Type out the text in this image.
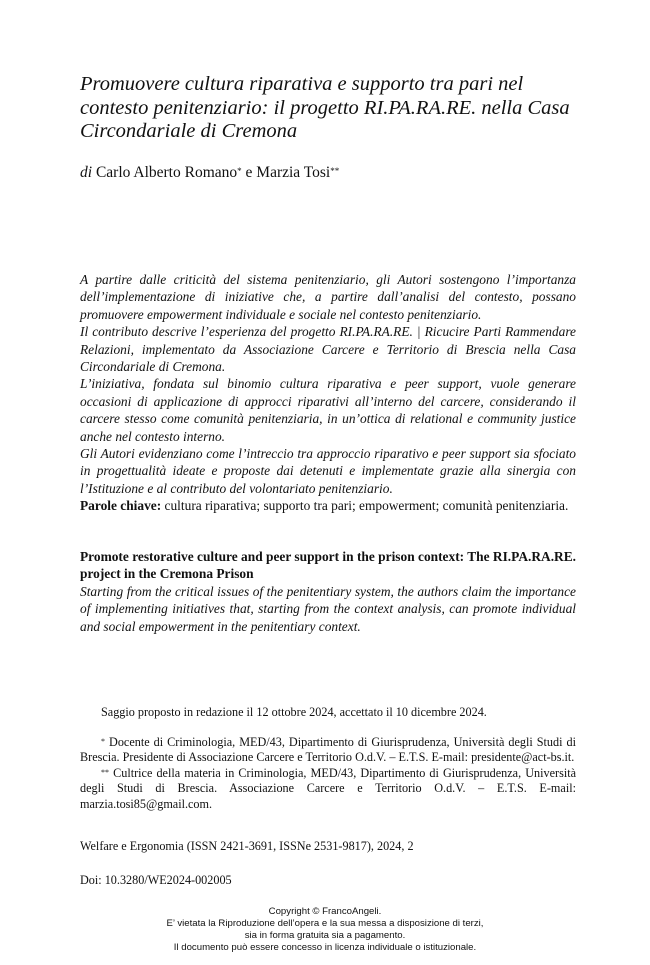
Promuovere cultura riparativa e supporto tra pari nel contesto penitenziario: il progetto RI.PA.RA.RE. nella Casa Circondariale di Cremona
di Carlo Alberto Romano* e Marzia Tosi**

A partire dalle criticità del sistema penitenziario, gli Autori sostengono l’importanza dell’implementazione di iniziative che, a partire dall’analisi del contesto, possano promuovere empowerment individuale e sociale nel contesto penitenziario.

Il contributo descrive l’esperienza del progetto RI.PA.RA.RE. | Ricucire Parti Rammendare Relazioni, implementato da Associazione Carcere e Territorio di Brescia nella Casa Circondariale di Cremona.

L’iniziativa, fondata sul binomio cultura riparativa e peer support, vuole generare occasioni di applicazione di approcci riparativi all’interno del carcere, considerando il carcere stesso come comunità penitenziaria, in un’ottica di relational e community justice anche nel contesto interno.

Gli Autori evidenziano come l’intreccio tra approccio riparativo e peer support sia sfociato in progettualità ideate e proposte dai detenuti e implementate grazie alla sinergia con l’Istituzione e al contributo del volontariato penitenziario.

Parole chiave: cultura riparativa; supporto tra pari; empowerment; comunità penitenziaria.

Promote restorative culture and peer support in the prison context: The RI.PA.RA.RE. project in the Cremona Prison

Starting from the critical issues of the penitentiary system, the authors claim the importance of implementing initiatives that, starting from the context analysis, can promote individual and social empowerment in the penitentiary context.

Saggio proposto in redazione il 12 ottobre 2024, accettato il 10 dicembre 2024.

* Docente di Criminologia, MED/43, Dipartimento di Giurisprudenza, Università degli Studi di Brescia. Presidente di Associazione Carcere e Territorio O.d.V. – E.T.S. E-mail: presidente@act-bs.it.

** Cultrice della materia in Criminologia, MED/43, Dipartimento di Giurisprudenza, Università degli Studi di Brescia. Associazione Carcere e Territorio O.d.V. – E.T.S. E-mail: marzia.tosi85@gmail.com.

Welfare e Ergonomia (ISSN 2421-3691, ISSNe 2531-9817), 2024, 2
Doi: 10.3280/WE2024-002005
Copyright © FrancoAngeli.
E’ vietata la Riproduzione dell’opera e la sua messa a disposizione di terzi,
sia in forma gratuita sia a pagamento.
Il documento può essere concesso in licenza individuale o istituzionale.
